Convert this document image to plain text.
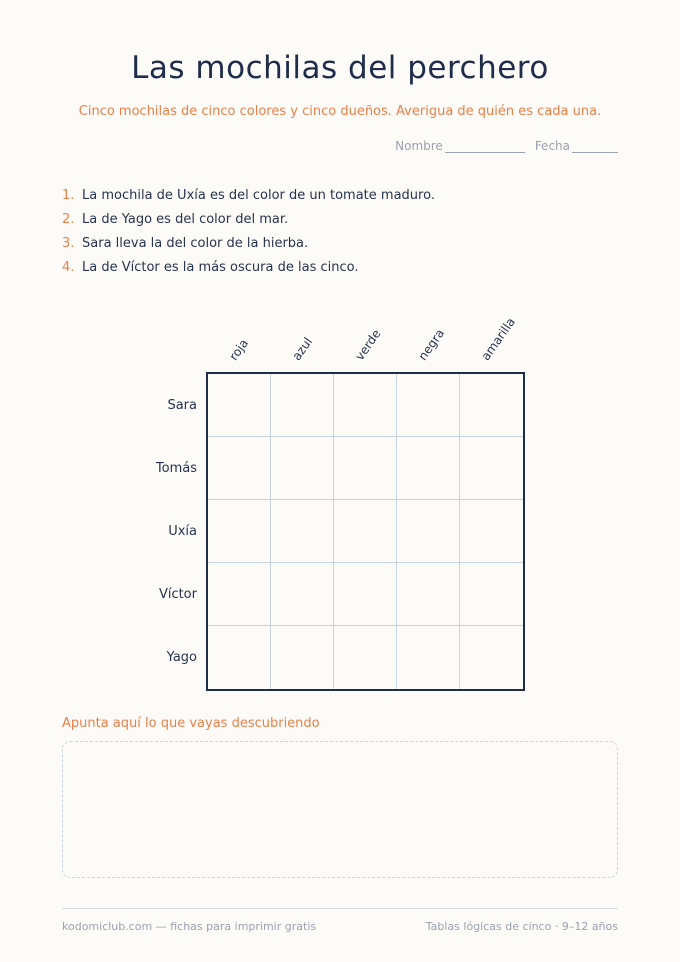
Las mochilas del perchero
Cinco mochilas de cinco colores y cinco dueños. Averigua de quién es cada una.
Nombre	Fecha
1. La mochila de Uxía es del color de un tomate maduro.
2. La de Yago es del color del mar.
3. Sara lleva la del color de la hierba.
4. La de Víctor es la más oscura de las cinco.
roja	azul	verde	negra	amarilla
Sara
Tomás
Uxía
Víctor
Yago
Apunta aquí lo que vayas descubriendo
kodomiclub.com — fichas para imprimir gratis	Tablas lógicas de cinco · 9–12 años
